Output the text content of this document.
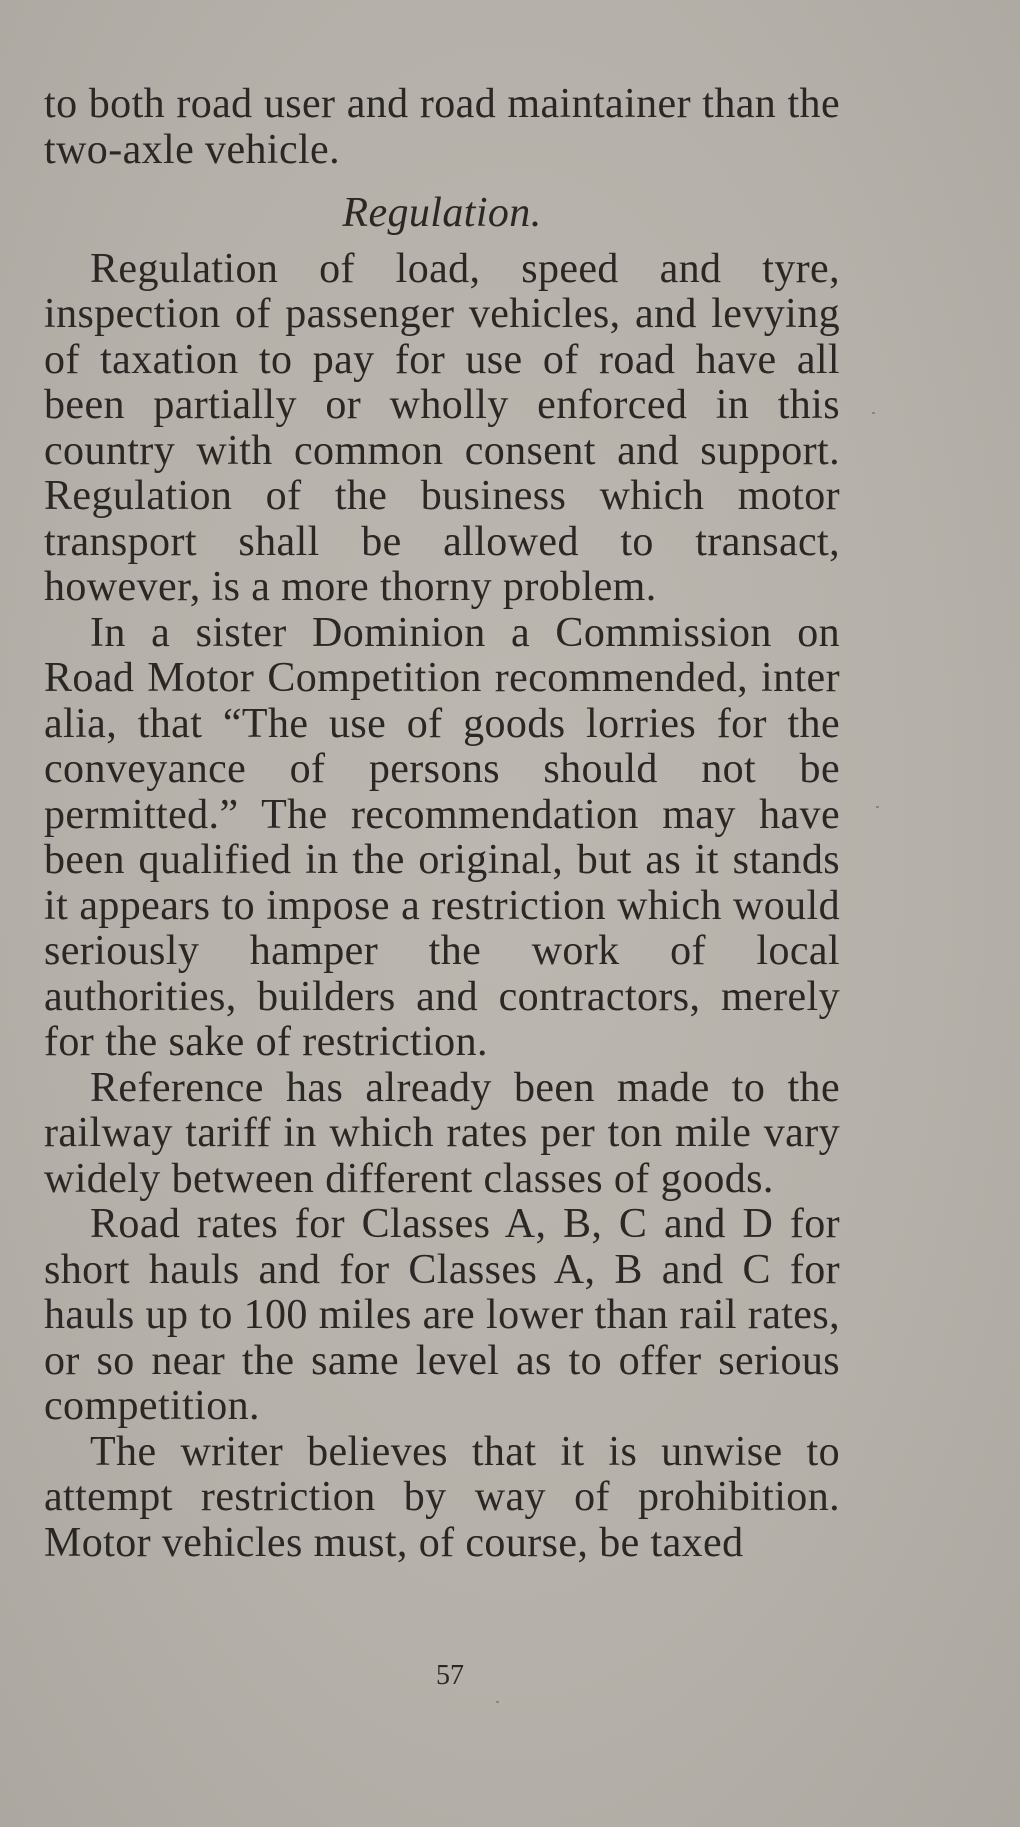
to both road user and road maintainer than the two-axle vehicle.

Regulation.

Regulation of load, speed and tyre, inspection of passenger vehicles, and levying of taxation to pay for use of road have all been partially or wholly enforced in this country with common consent and support. Regulation of the business which motor transport shall be allowed to transact, however, is a more thorny problem.

In a sister Dominion a Commission on Road Motor Competition recommended, inter alia, that “The use of goods lorries for the conveyance of persons should not be permitted.” The recommendation may have been qualified in the original, but as it stands it appears to impose a restriction which would seriously hamper the work of local authorities, builders and contractors, merely for the sake of restriction.

Reference has already been made to the railway tariff in which rates per ton mile vary widely between different classes of goods.

Road rates for Classes A, B, C and D for short hauls and for Classes A, B and C for hauls up to 100 miles are lower than rail rates, or so near the same level as to offer serious competition.

The writer believes that it is unwise to attempt restriction by way of prohibition. Motor vehicles must, of course, be taxed

57
